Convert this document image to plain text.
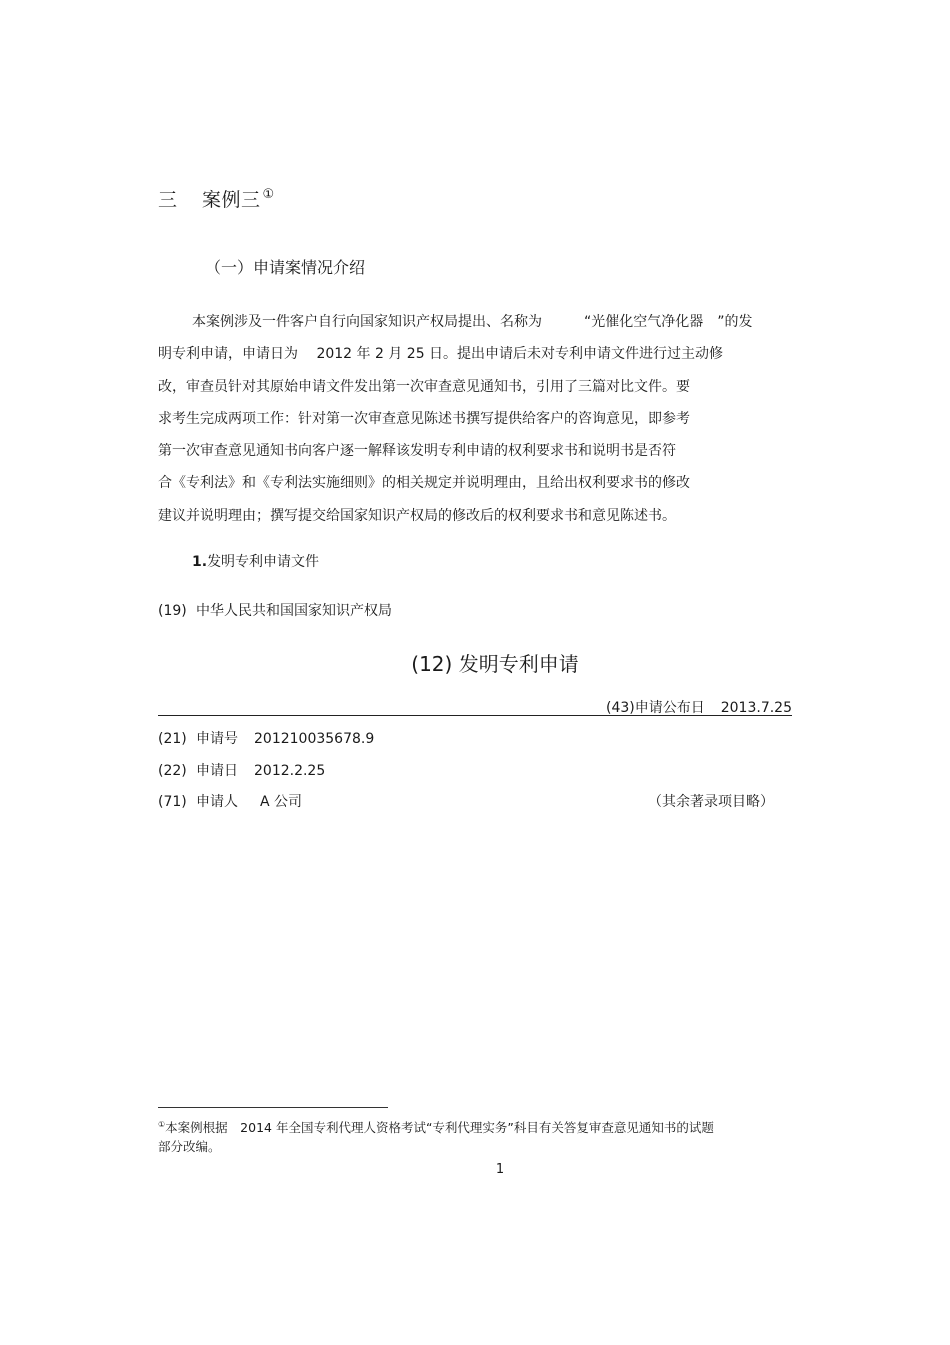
三 案例三 ①
（一）申请案情况介绍
本案例涉及一件客户自行向国家知识产权局提出、名称为　　　“光催化空气净化器　”的发
明专利申请，申请日为　 2012 年 2 月 25 日。提出申请后未对专利申请文件进行过主动修
改，审查员针对其原始申请文件发出第一次审查意见通知书，引用了三篇对比文件。要
求考生完成两项工作：针对第一次审查意见陈述书撰写提供给客户的咨询意见，即参考
第一次审查意见通知书向客户逐一解释该发明专利申请的权利要求书和说明书是否符
合《专利法》和《专利法实施细则》的相关规定并说明理由，且给出权利要求书的修改
建议并说明理由；撰写提交给国家知识产权局的修改后的权利要求书和意见陈述书。
1.发明专利申请文件
(19) 中华人民共和国国家知识产权局
(12) 发明专利申请
(43)申请公布日 2013.7.25
(21) 申请号 201210035678.9
(22) 申请日 2012.2.25
(71) 申请人 A 公司	（其余著录项目略）
①本案例根据　2014 年全国专利代理人资格考试“专利代理实务”科目有关答复审查意见通知书的试题
部分改编。
1
